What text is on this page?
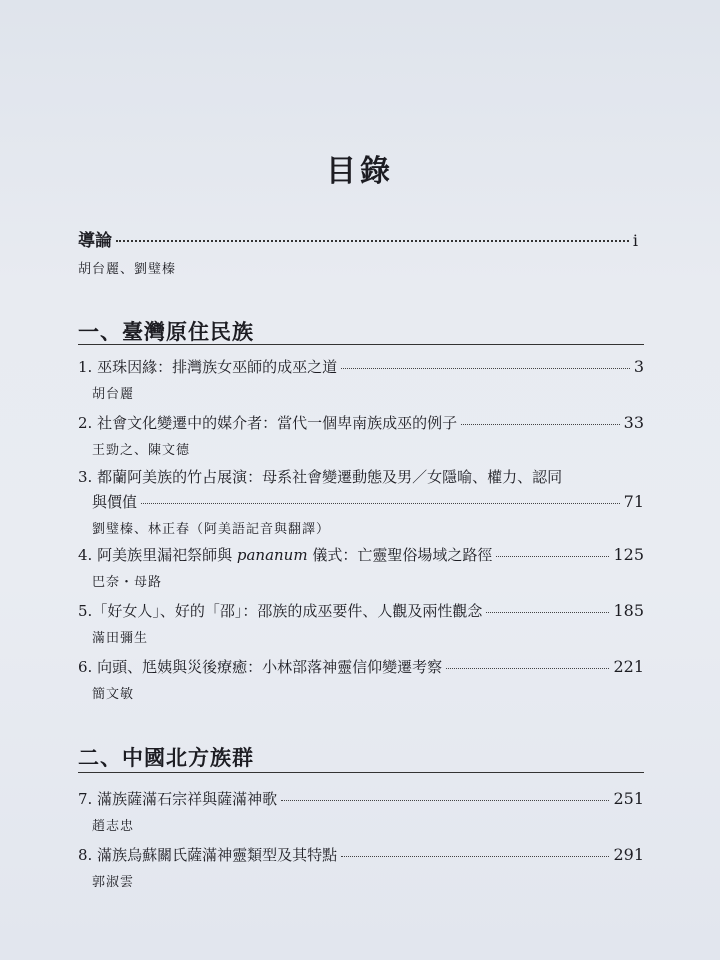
目錄
導論	i
胡台麗、劉璧榛
一、臺灣原住民族
1. 巫珠因緣：排灣族女巫師的成巫之道	3
胡台麗
2. 社會文化變遷中的媒介者：當代一個卑南族成巫的例子	33
王勁之、陳文德
3. 都蘭阿美族的竹占展演：母系社會變遷動態及男／女隱喻、權力、認同
與價值	71
劉璧榛、林正春（阿美語記音與翻譯）
4. 阿美族里漏祀祭師與 pananum 儀式：亡靈聖俗場域之路徑	125
巴奈・母路
5.「好女人」、好的「邵」：邵族的成巫要件、人觀及兩性觀念	185
滿田彌生
6. 向頭、尪姨與災後療癒：小林部落神靈信仰變遷考察	221
簡文敏
二、中國北方族群
7. 滿族薩滿石宗祥與薩滿神歌	251
趙志忠
8. 滿族烏蘇關氏薩滿神靈類型及其特點	291
郭淑雲
